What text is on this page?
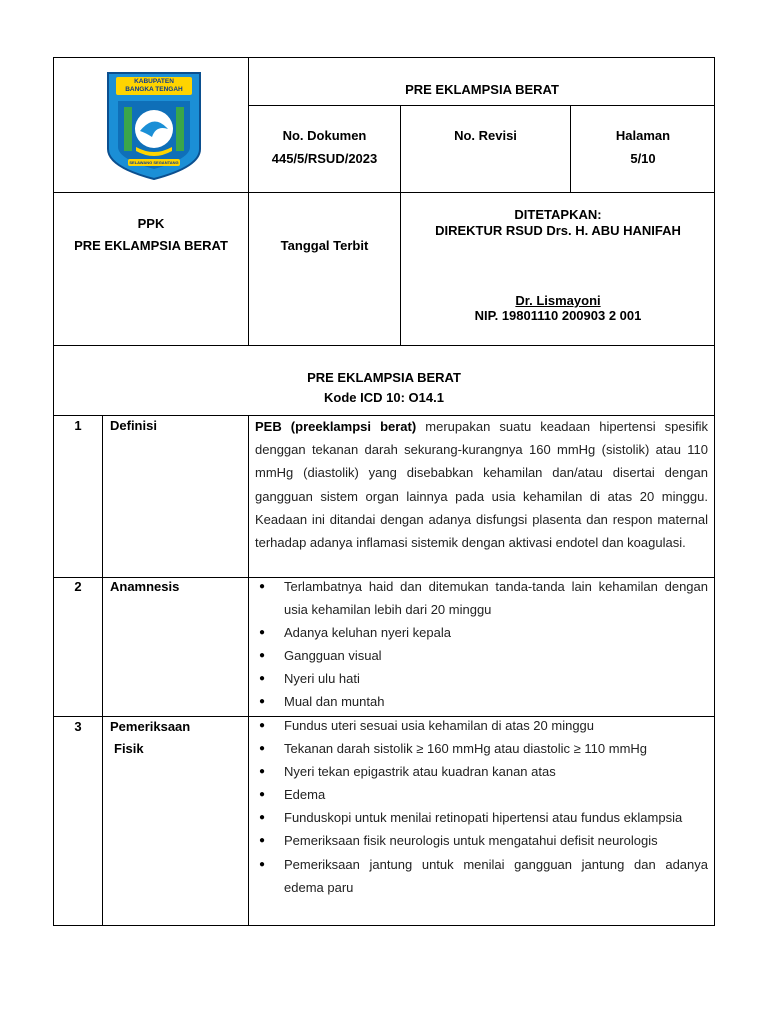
KABUPATEN
BANGKA TENGAH
SELAWANG SEGANTANG
PRE EKLAMPSIA BERAT
No. Dokumen
445/5/RSUD/2023
No. Revisi	Halaman
5/10
PPK
PRE EKLAMPSIA BERAT	Tanggal Terbit
DITETAPKAN:
DIREKTUR RSUD Drs. H. ABU HANIFAH
Dr. Lismayoni
NIP. 19801110 200903 2 001
PRE EKLAMPSIA BERAT
Kode ICD 10: O14.1
1	Definisi	PEB (preeklampsi berat) merupakan suatu keadaan hipertensi spesifik denggan tekanan darah sekurang-kurangnya 160 mmHg (sistolik) atau 110 mmHg (diastolik) yang disebabkan kehamilan dan/atau disertai dengan gangguan sistem organ lainnya pada usia kehamilan di atas 20 minggu. Keadaan ini ditandai dengan adanya disfungsi plasenta dan respon maternal terhadap adanya inflamasi sistemik dengan aktivasi endotel dan koagulasi.
2	Anamnesis
●	Terlambatnya haid dan ditemukan tanda-tanda lain kehamilan dengan usia kehamilan lebih dari 20 minggu
● Adanya keluhan nyeri kepala
● Gangguan visual
● Nyeri ulu hati
● Mual dan muntah
3	Pemeriksaan
Fisik
● Fundus uteri sesuai usia kehamilan di atas 20 minggu
● Tekanan darah sistolik ≥ 160 mmHg atau diastolic ≥ 110 mmHg
● Nyeri tekan epigastrik atau kuadran kanan atas
● Edema
● Funduskopi untuk menilai retinopati hipertensi atau fundus eklampsia
● Pemeriksaan fisik neurologis untuk mengatahui defisit neurologis
● Pemeriksaan jantung untuk menilai gangguan jantung dan adanya edema paru
